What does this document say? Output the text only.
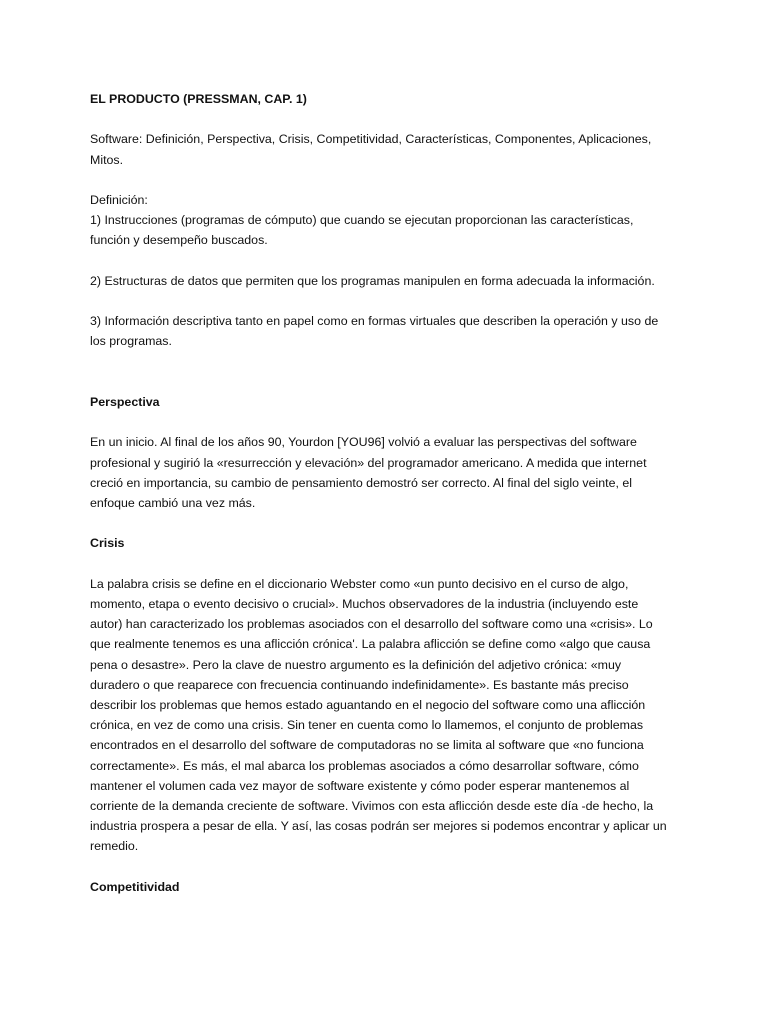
EL PRODUCTO (PRESSMAN, CAP. 1)

Software: Definición, Perspectiva, Crisis, Competitividad, Características, Componentes, Aplicaciones,

Mitos.

Definición:

1) Instrucciones (programas de cómputo) que cuando se ejecutan proporcionan las características,

función y desempeño buscados.

2) Estructuras de datos que permiten que los programas manipulen en forma adecuada la información.

3) Información descriptiva tanto en papel como en formas virtuales que describen la operación y uso de

los programas.

Perspectiva

En un inicio. Al final de los años 90, Yourdon [YOU96] volvió a evaluar las perspectivas del software

profesional y sugirió la «resurrección y elevación» del programador americano. A medida que internet

creció en importancia, su cambio de pensamiento demostró ser correcto. Al final del siglo veinte, el

enfoque cambió una vez más.

Crisis

La palabra crisis se define en el diccionario Webster como «un punto decisivo en el curso de algo,

momento, etapa o evento decisivo o crucial». Muchos observadores de la industria (incluyendo este

autor) han caracterizado los problemas asociados con el desarrollo del software como una «crisis». Lo

que realmente tenemos es una aflicción crónica'. La palabra aflicción se define como «algo que causa

pena o desastre». Pero la clave de nuestro argumento es la definición del adjetivo crónica: «muy

duradero o que reaparece con frecuencia continuando indefinidamente». Es bastante más preciso

describir los problemas que hemos estado aguantando en el negocio del software como una aflicción

crónica, en vez de como una crisis. Sin tener en cuenta como lo llamemos, el conjunto de problemas

encontrados en el desarrollo del software de computadoras no se limita al software que «no funciona

correctamente». Es más, el mal abarca los problemas asociados a cómo desarrollar software, cómo

mantener el volumen cada vez mayor de software existente y cómo poder esperar mantenemos al

corriente de la demanda creciente de software. Vivimos con esta aflicción desde este día -de hecho, la

industria prospera a pesar de ella. Y así, las cosas podrán ser mejores si podemos encontrar y aplicar un

remedio.

Competitividad
